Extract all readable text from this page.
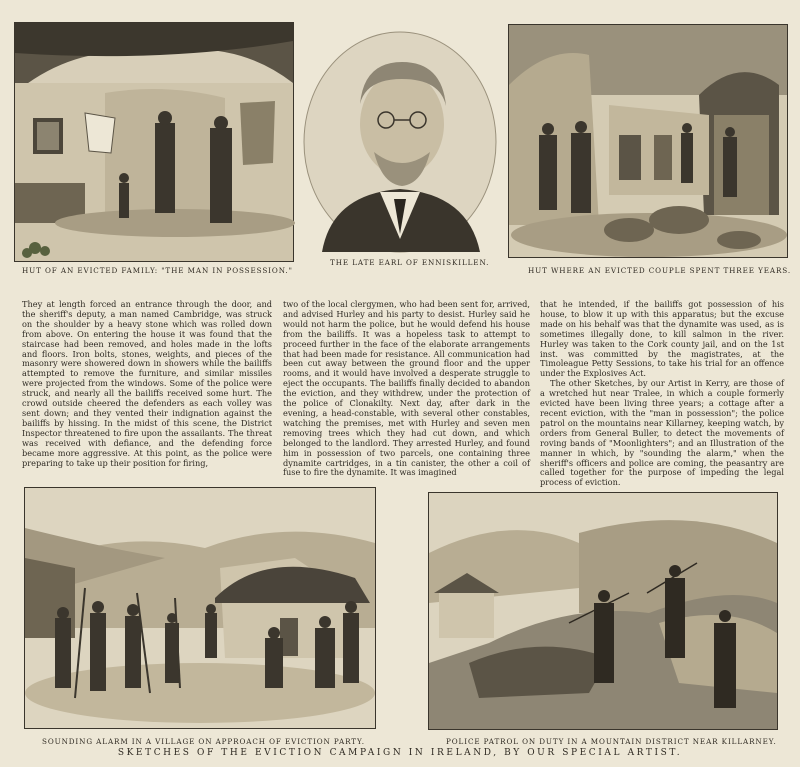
HUT OF AN EVICTED FAMILY: "THE MAN IN POSSESSION."
THE LATE EARL OF ENNISKILLEN.
HUT WHERE AN EVICTED COUPLE SPENT THREE YEARS.

They at length forced an entrance through the door, and the sheriff's deputy, a man named Cambridge, was struck on the shoulder by a heavy stone which was rolled down from above. On entering the house it was found that the staircase had been removed, and holes made in the lofts and floors. Iron bolts, stones, weights, and pieces of the masonry were showered down in showers while the bailiffs attempted to remove the furniture, and similar missiles were projected from the windows. Some of the police were struck, and nearly all the bailiffs received some hurt. The crowd outside cheered the defenders as each volley was sent down; and they vented their indignation against the bailiffs by hissing. In the midst of this scene, the District Inspector threatened to fire upon the assailants. The threat was received with defiance, and the defending force became more aggressive. At this point, as the police were preparing to take up their position for firing,

two of the local clergymen, who had been sent for, arrived, and advised Hurley and his party to desist. Hurley said he would not harm the police, but he would defend his house from the bailiffs. It was a hopeless task to attempt to proceed further in the face of the elaborate arrangements that had been made for resistance. All communication had been cut away between the ground floor and the upper rooms, and it would have involved a desperate struggle to eject the occupants. The bailiffs finally decided to abandon the eviction, and they withdrew, under the protection of the police of Clonakilty. Next day, after dark in the evening, a head-constable, with several other constables, watching the premises, met with Hurley and seven men removing trees which they had cut down, and which belonged to the landlord. They arrested Hurley, and found him in possession of two parcels, one containing three dynamite cartridges, in a tin canister, the other a coil of fuse to fire the dynamite. It was imagined

that he intended, if the bailiffs got possession of his house, to blow it up with this apparatus; but the excuse made on his behalf was that the dynamite was used, as is sometimes illegally done, to kill salmon in the river. Hurley was taken to the Cork county jail, and on the 1st inst. was committed by the magistrates, at the Timoleague Petty Sessions, to take his trial for an offence under the Explosives Act.

The other Sketches, by our Artist in Kerry, are those of a wretched hut near Tralee, in which a couple formerly evicted have been living three years; a cottage after a recent eviction, with the "man in possession"; the police patrol on the mountains near Killarney, keeping watch, by orders from General Buller, to detect the movements of roving bands of "Moonlighters"; and an Illustration of the manner in which, by "sounding the alarm," when the sheriff's officers and police are coming, the peasantry are called together for the purpose of impeding the legal process of eviction.

SOUNDING ALARM IN A VILLAGE ON APPROACH OF EVICTION PARTY.	POLICE PATROL ON DUTY IN A MOUNTAIN DISTRICT NEAR KILLARNEY.
SKETCHES OF THE EVICTION CAMPAIGN IN IRELAND, BY OUR SPECIAL ARTIST.
